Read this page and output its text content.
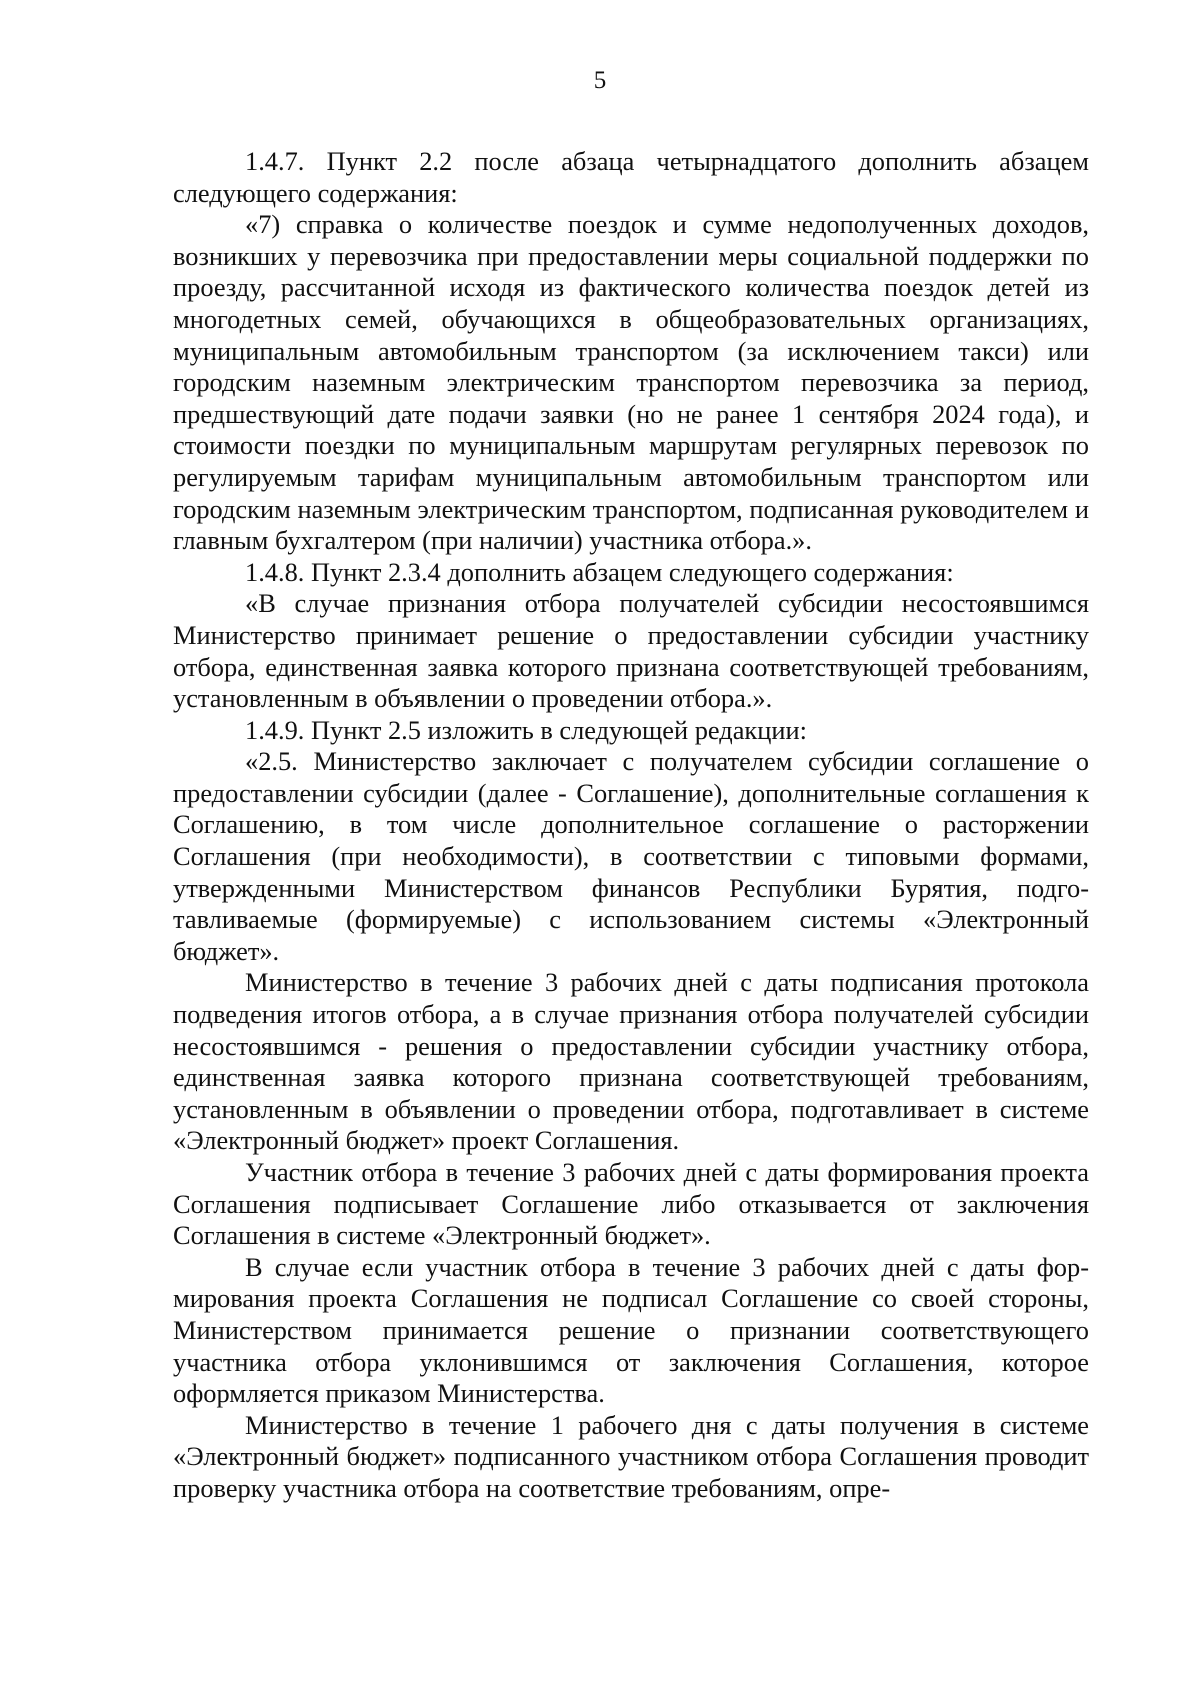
5

1.4.7. Пункт 2.2 после абзаца четырнадцатого дополнить абзацем следующего содержания:

«7) справка о количестве поездок и сумме недополученных доходов, возникших у перевозчика при предоставлении меры социальной поддержки по проезду, рассчитанной исходя из фактического количества поездок детей из многодетных семей, обучающихся в общеобразовательных организациях, муниципальным автомобильным транспортом (за исключением такси) или городским наземным электрическим транспортом перевозчика за период, предшествующий дате подачи заявки (но не ранее 1 сентября 2024 года), и стоимости поездки по муниципальным маршрутам регулярных перевозок по регулируемым тарифам муниципальным автомобильным транспортом или городским наземным электрическим транспортом, подписанная руководителем и главным бухгалтером (при наличии) участника отбора.».

1.4.8. Пункт 2.3.4 дополнить абзацем следующего содержания:

«В случае признания отбора получателей субсидии несостоявшимся Министерство принимает решение о предоставлении субсидии участнику отбора, единственная заявка которого признана соответствующей требованиям, установленным в объявлении о проведении отбора.».

1.4.9. Пункт 2.5 изложить в следующей редакции:

«2.5. Министерство заключает с получателем субсидии соглашение о предоставлении субсидии (далее - Соглашение), дополнительные соглашения к Соглашению, в том числе дополнительное соглашение о расторжении Соглашения (при необходимости), в соответствии с типовыми формами, утвержденными Министерством финансов Республики Бурятия, подготавливаемые (формируемые) с использованием системы «Электронный бюджет».

Министерство в течение 3 рабочих дней с даты подписания протокола подведения итогов отбора, а в случае признания отбора получателей субсидии несостоявшимся - решения о предоставлении субсидии участнику отбора, единственная заявка которого признана соответствующей требованиям, установленным в объявлении о проведении отбора, подготавливает в системе «Электронный бюджет» проект Соглашения.

Участник отбора в течение 3 рабочих дней с даты формирования проекта Соглашения подписывает Соглашение либо отказывается от заключения Соглашения в системе «Электронный бюджет».

В случае если участник отбора в течение 3 рабочих дней с даты формирования проекта Соглашения не подписал Соглашение со своей стороны, Министерством принимается решение о признании соответствующего участника отбора уклонившимся от заключения Соглашения, которое оформляется приказом Министерства.

Министерство в течение 1 рабочего дня с даты получения в системе «Электронный бюджет» подписанного участником отбора Соглашения проводит проверку участника отбора на соответствие требованиям, опре-
